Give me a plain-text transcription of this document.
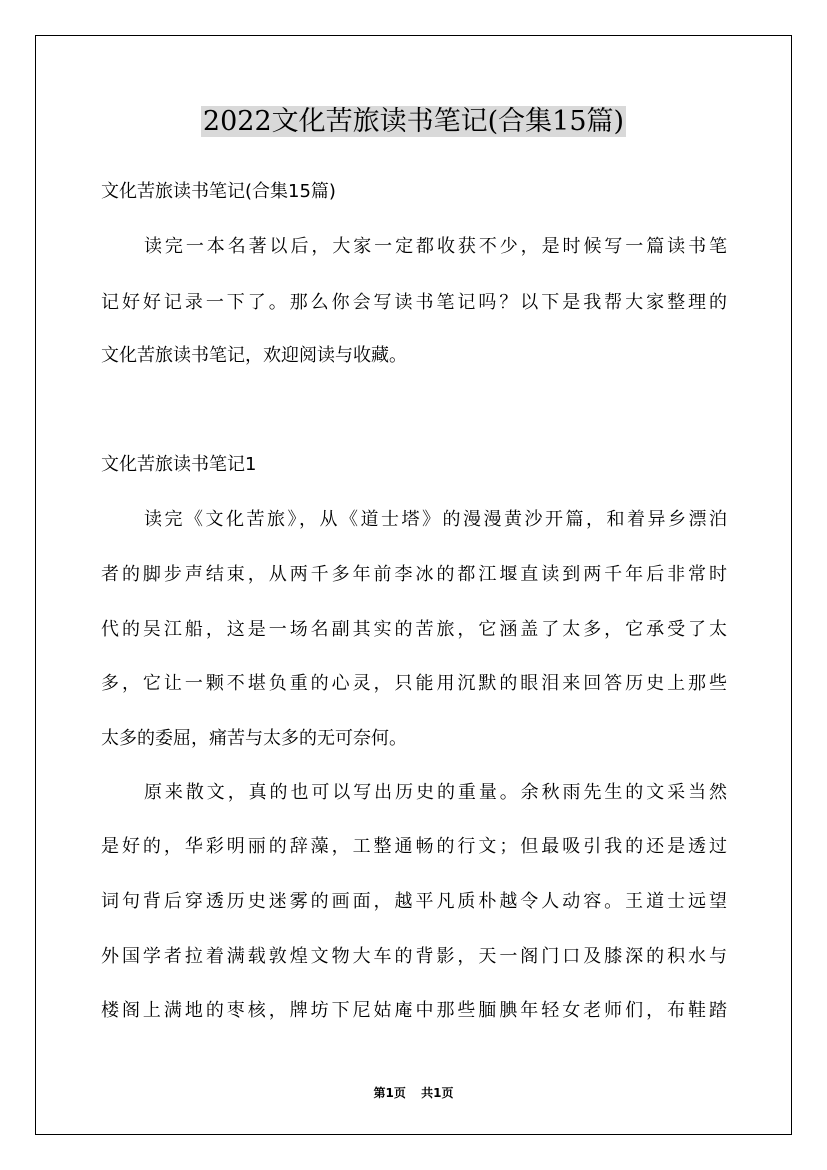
2022文化苦旅读书笔记(合集15篇)
文化苦旅读书笔记(合集15篇)
读完一本名著以后，大家一定都收获不少，是时候写一篇读书笔
记好好记录一下了。那么你会写读书笔记吗？以下是我帮大家整理的
文化苦旅读书笔记，欢迎阅读与收藏。
文化苦旅读书笔记1
读完《文化苦旅》，从《道士塔》的漫漫黄沙开篇，和着异乡漂泊
者的脚步声结束，从两千多年前李冰的都江堰直读到两千年后非常时
代的吴江船，这是一场名副其实的苦旅，它涵盖了太多，它承受了太
多，它让一颗不堪负重的心灵，只能用沉默的眼泪来回答历史上那些
太多的委屈，痛苦与太多的无可奈何。
原来散文，真的也可以写出历史的重量。余秋雨先生的文采当然
是好的，华彩明丽的辞藻，工整通畅的行文；但最吸引我的还是透过
词句背后穿透历史迷雾的画面，越平凡质朴越令人动容。王道士远望
外国学者拉着满载敦煌文物大车的背影，天一阁门口及膝深的积水与
楼阁上满地的枣核，牌坊下尼姑庵中那些腼腆年轻女老师们，布鞋踏
第1页 共1页
